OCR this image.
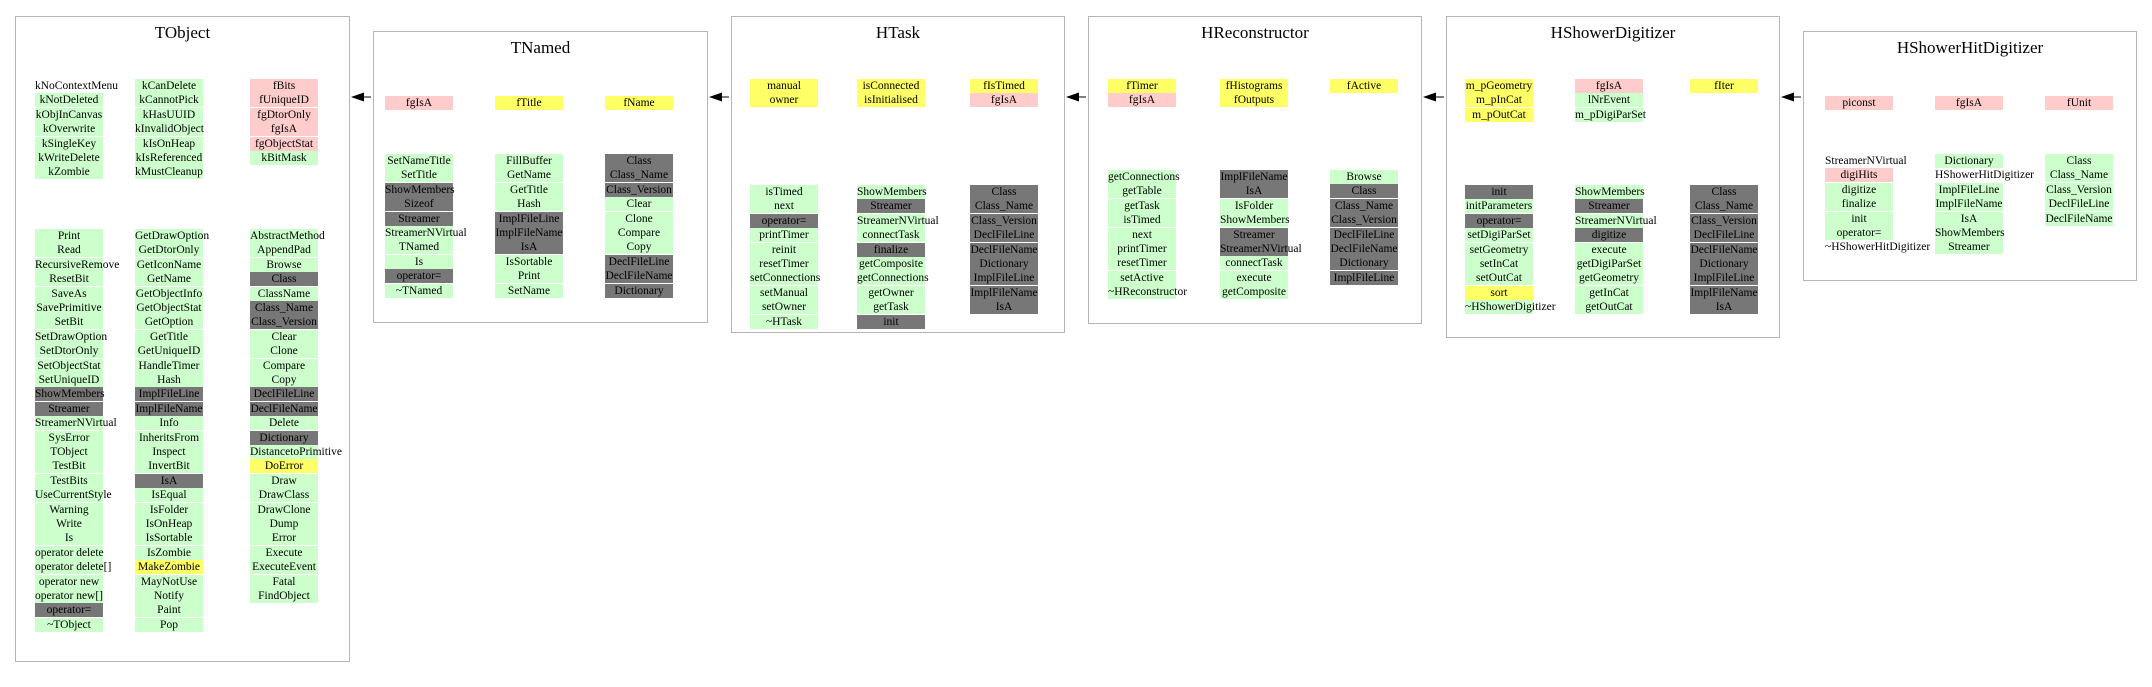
TObject
kNoContextMenu
kNotDeleted
kObjInCanvas
kOverwrite
kSingleKey
kWriteDelete
kZombie
kCanDelete
kCannotPick
kHasUUID
kInvalidObject
kIsOnHeap
kIsReferenced
kMustCleanup
fBits
fUniqueID
fgDtorOnly
fgIsA
fgObjectStat
kBitMask
Print
Read
RecursiveRemove
ResetBit
SaveAs
SavePrimitive
SetBit
SetDrawOption
SetDtorOnly
SetObjectStat
SetUniqueID
ShowMembers
Streamer
StreamerNVirtual
SysError
TObject
TestBit
TestBits
UseCurrentStyle
Warning
Write
Is
operator delete
operator delete[]
operator new
operator new[]
operator=
~TObject
GetDrawOption
GetDtorOnly
GetIconName
GetName
GetObjectInfo
GetObjectStat
GetOption
GetTitle
GetUniqueID
HandleTimer
Hash
ImplFileLine
ImplFileName
Info
InheritsFrom
Inspect
InvertBit
IsA
IsEqual
IsFolder
IsOnHeap
IsSortable
IsZombie
MakeZombie
MayNotUse
Notify
Paint
Pop
AbstractMethod
AppendPad
Browse
Class
ClassName
Class_Name
Class_Version
Clear
Clone
Compare
Copy
DeclFileLine
DeclFileName
Delete
Dictionary
DistancetoPrimitive
DoError
Draw
DrawClass
DrawClone
Dump
Error
Execute
ExecuteEvent
Fatal
FindObject
TNamed
fgIsA	fTitle	fName
SetNameTitle
SetTitle
ShowMembers
Sizeof
Streamer
StreamerNVirtual
TNamed
Is
operator=
~TNamed
FillBuffer
GetName
GetTitle
Hash
ImplFileLine
ImplFileName
IsA
IsSortable
Print
SetName
Class
Class_Name
Class_Version
Clear
Clone
Compare
Copy
DeclFileLine
DeclFileName
Dictionary
HTask
manual
owner
isConnected
isInitialised
fIsTimed
fgIsA
isTimed
next
operator=
printTimer
reinit
resetTimer
setConnections
setManual
setOwner
~HTask
ShowMembers
Streamer
StreamerNVirtual
connectTask
finalize
getComposite
getConnections
getOwner
getTask
init
Class
Class_Name
Class_Version
DeclFileLine
DeclFileName
Dictionary
ImplFileLine
ImplFileName
IsA
HReconstructor
fTimer
fgIsA
fHistograms
fOutputs
fActive
getConnections
getTable
getTask
isTimed
next
printTimer
resetTimer
setActive
~HReconstructor
ImplFileName
IsA
IsFolder
ShowMembers
Streamer
StreamerNVirtual
connectTask
execute
getComposite
Browse
Class
Class_Name
Class_Version
DeclFileLine
DeclFileName
Dictionary
ImplFileLine
HShowerDigitizer
m_pGeometry
m_pInCat
m_pOutCat
fgIsA
lNrEvent
m_pDigiParSet
fIter
init
initParameters
operator=
setDigiParSet
setGeometry
setInCat
setOutCat
sort
~HShowerDigitizer
ShowMembers
Streamer
StreamerNVirtual
digitize
execute
getDigiParSet
getGeometry
getInCat
getOutCat
Class
Class_Name
Class_Version
DeclFileLine
DeclFileName
Dictionary
ImplFileLine
ImplFileName
IsA
HShowerHitDigitizer
piconst	fgIsA	fUnit
StreamerNVirtual
digiHits
digitize
finalize
init
operator=
~HShowerHitDigitizer
Dictionary
HShowerHitDigitizer
ImplFileLine
ImplFileName
IsA
ShowMembers
Streamer
Class
Class_Name
Class_Version
DeclFileLine
DeclFileName
